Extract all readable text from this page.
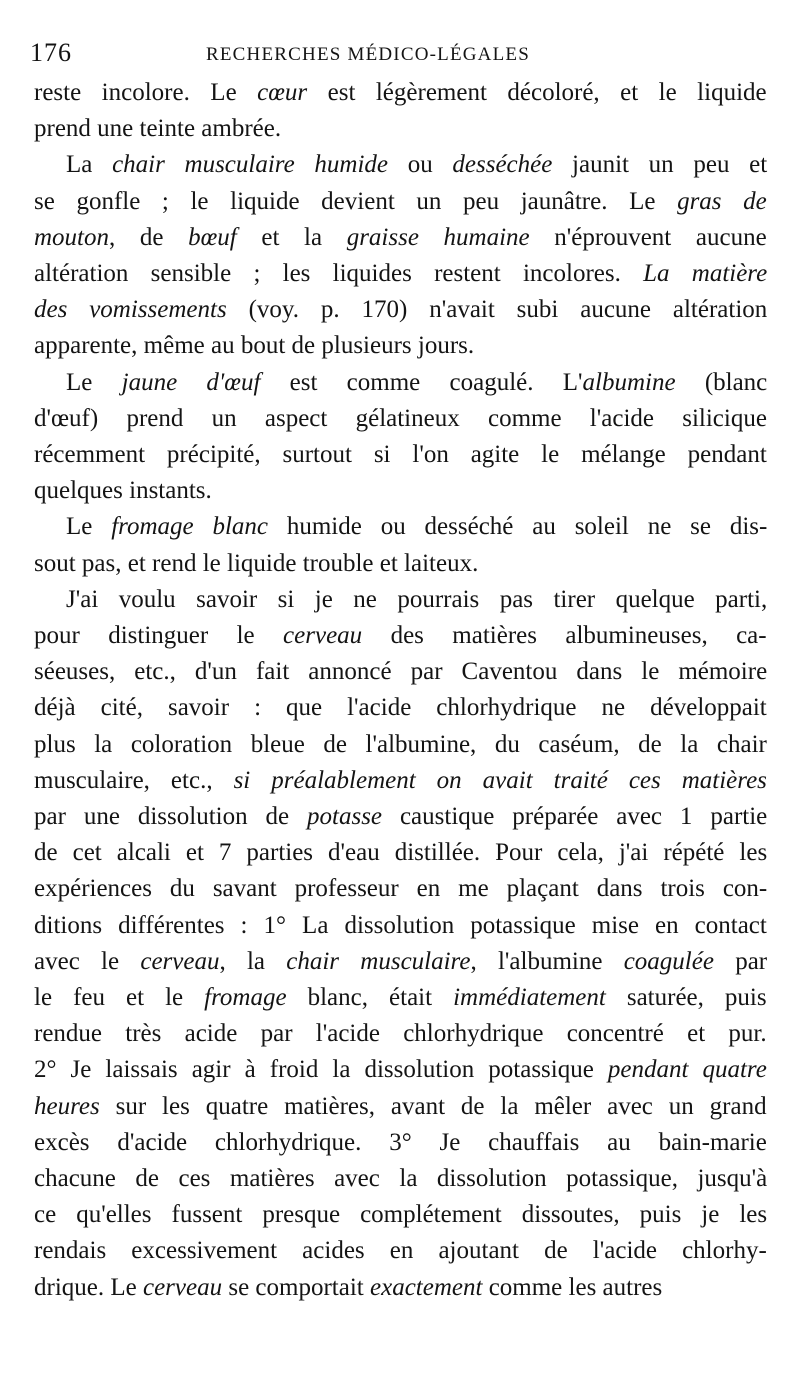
176	RECHERCHES MÉDICO-LÉGALES
reste incolore. Le cœur est légèrement décoloré, et le liquide
prend une teinte ambrée.
La chair musculaire humide ou desséchée jaunit un peu et
se gonfle ; le liquide devient un peu jaunâtre. Le gras de
mouton, de bœuf et la graisse humaine n'éprouvent aucune
altération sensible ; les liquides restent incolores. La matière
des vomissements (voy. p. 170) n'avait subi aucune altération
apparente, même au bout de plusieurs jours.
Le jaune d'œuf est comme coagulé. L'albumine (blanc
d'œuf) prend un aspect gélatineux comme l'acide silicique
récemment précipité, surtout si l'on agite le mélange pendant
quelques instants.
Le fromage blanc humide ou desséché au soleil ne se dis-
sout pas, et rend le liquide trouble et laiteux.
J'ai voulu savoir si je ne pourrais pas tirer quelque parti,
pour distinguer le cerveau des matières albumineuses, ca-
séeuses, etc., d'un fait annoncé par Caventou dans le mémoire
déjà cité, savoir : que l'acide chlorhydrique ne développait
plus la coloration bleue de l'albumine, du caséum, de la chair
musculaire, etc., si préalablement on avait traité ces matières
par une dissolution de potasse caustique préparée avec 1 partie
de cet alcali et 7 parties d'eau distillée. Pour cela, j'ai répété les
expériences du savant professeur en me plaçant dans trois con-
ditions différentes : 1° La dissolution potassique mise en contact
avec le cerveau, la chair musculaire, l'albumine coagulée par
le feu et le fromage blanc, était immédiatement saturée, puis
rendue très acide par l'acide chlorhydrique concentré et pur.
2° Je laissais agir à froid la dissolution potassique pendant quatre
heures sur les quatre matières, avant de la mêler avec un grand
excès d'acide chlorhydrique. 3° Je chauffais au bain-marie
chacune de ces matières avec la dissolution potassique, jusqu'à
ce qu'elles fussent presque complétement dissoutes, puis je les
rendais excessivement acides en ajoutant de l'acide chlorhy-
drique. Le cerveau se comportait exactement comme les autres
